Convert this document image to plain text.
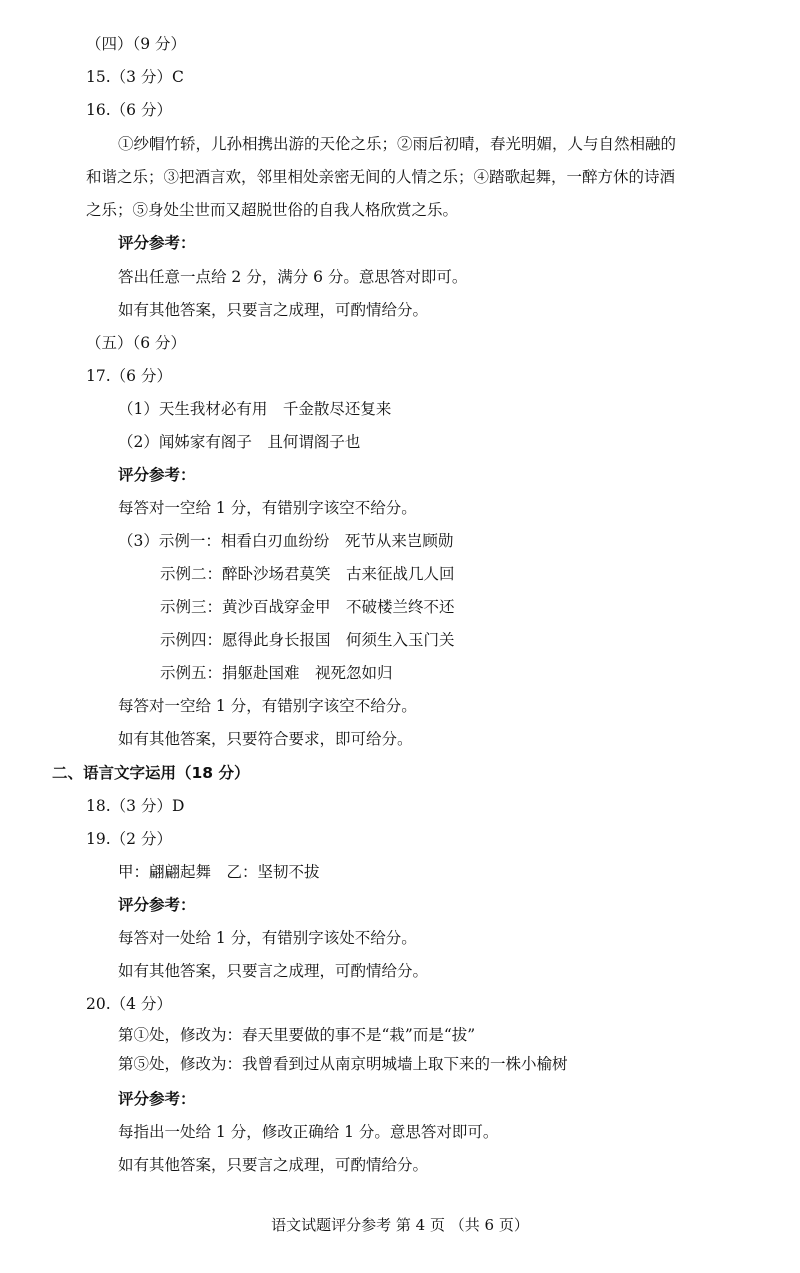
（四）（9 分）
15.（3 分）C
16.（6 分）
①纱帽竹轿，儿孙相携出游的天伦之乐；②雨后初晴，春光明媚，人与自然相融的
和谐之乐；③把酒言欢，邻里相处亲密无间的人情之乐；④踏歌起舞，一醉方休的诗酒
之乐；⑤身处尘世而又超脱世俗的自我人格欣赏之乐。
评分参考：
答出任意一点给 2 分，满分 6 分。意思答对即可。
如有其他答案，只要言之成理，可酌情给分。
（五）（6 分）
17.（6 分）
（1）天生我材必有用　千金散尽还复来
（2）闻姊家有阁子　且何谓阁子也
评分参考：
每答对一空给 1 分，有错别字该空不给分。
（3）示例一：相看白刃血纷纷　死节从来岂顾勋
示例二：醉卧沙场君莫笑　古来征战几人回
示例三：黄沙百战穿金甲　不破楼兰终不还
示例四：愿得此身长报国　何须生入玉门关
示例五：捐躯赴国难　视死忽如归
每答对一空给 1 分，有错别字该空不给分。
如有其他答案，只要符合要求，即可给分。
二、语言文字运用（18 分）
18.（3 分）D
19.（2 分）
甲：翩翩起舞　乙：坚韧不拔
评分参考：
每答对一处给 1 分，有错别字该处不给分。
如有其他答案，只要言之成理，可酌情给分。
20.（4 分）
第①处，修改为：春天里要做的事不是“栽”而是“拔”
第⑤处，修改为：我曾看到过从南京明城墙上取下来的一株小榆树
评分参考：
每指出一处给 1 分，修改正确给 1 分。意思答对即可。
如有其他答案，只要言之成理，可酌情给分。
语文试题评分参考 第 4 页 （共 6 页）
